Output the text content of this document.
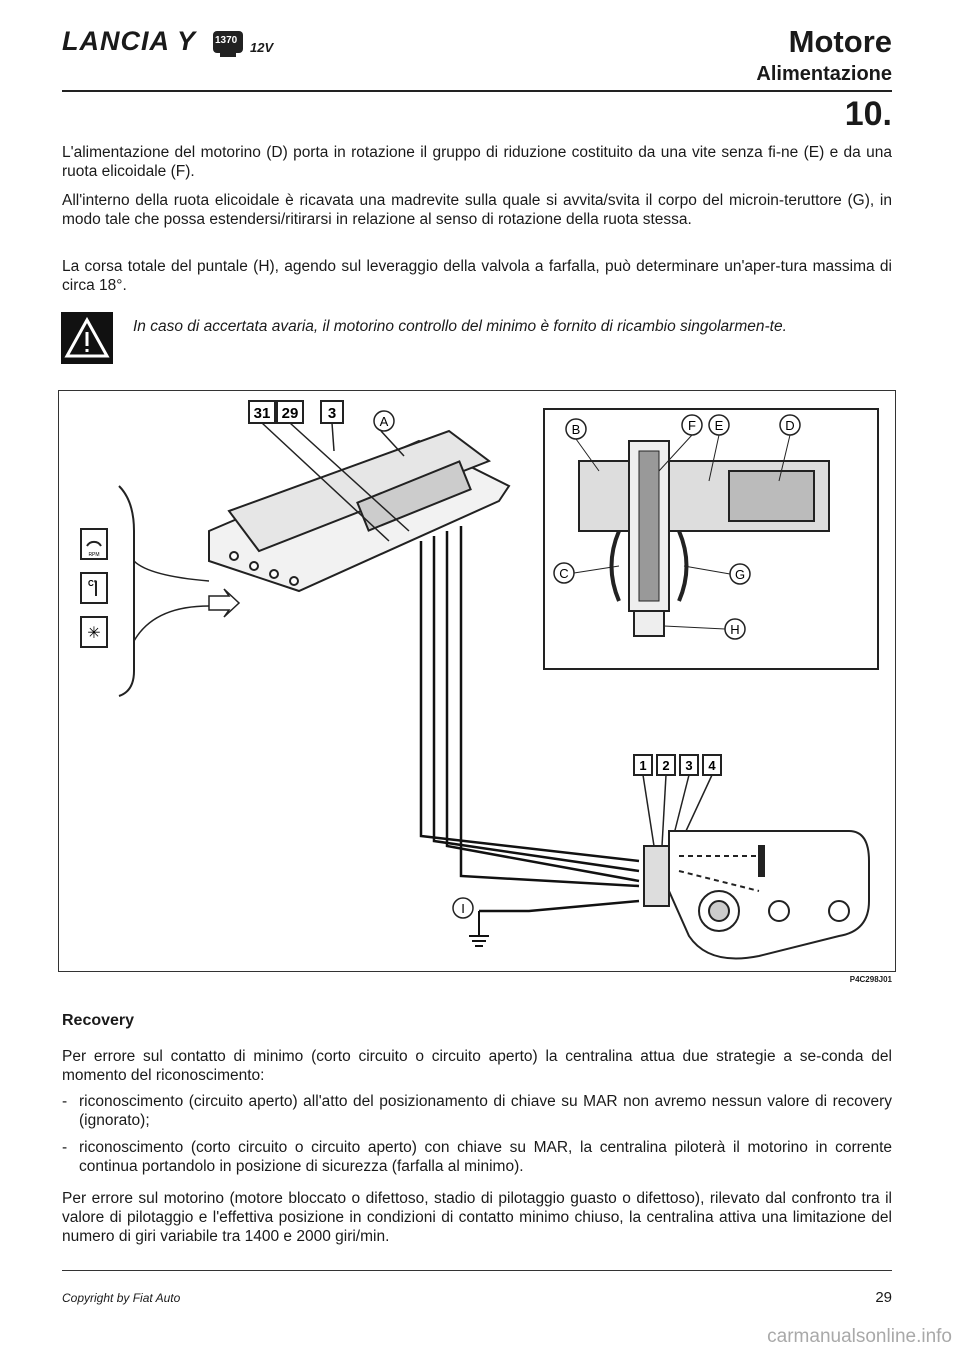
LANCIA Y 1370 12V	Motore
Alimentazione
10.
L'alimentazione del motorino (D) porta in rotazione il gruppo di riduzione costituito da una vite senza fi-ne (E) e da una ruota elicoidale (F).
All'interno della ruota elicoidale è ricavata una madrevite sulla quale si avvita/svita il corpo del microin-teruttore (G), in modo tale che possa estendersi/ritirarsi in relazione al senso di rotazione della ruota stessa.
La corsa totale del puntale (H), agendo sul leveraggio della valvola a farfalla, può determinare un'aper-tura massima di circa 18°.
In caso di accertata avaria, il motorino controllo del minimo è fornito di ricambio singolarmen-te.
31 29 3	A
RPM
C°
✳
B	F E	D
C	G
H
1 2 3 4
I
P4C298J01
Recovery
Per errore sul contatto di minimo (corto circuito o circuito aperto) la centralina attua due strategie a se-conda del momento del riconoscimento:
- riconoscimento (circuito aperto) all'atto del posizionamento di chiave su MAR non avremo nessun valore di recovery (ignorato);
- riconoscimento (corto circuito o circuito aperto) con chiave su MAR, la centralina piloterà il motorino in corrente continua portandolo in posizione di sicurezza (farfalla al minimo).
Per errore sul motorino (motore bloccato o difettoso, stadio di pilotaggio guasto o difettoso), rilevato dal confronto tra il valore di pilotaggio e l'effettiva posizione in condizioni di contatto minimo chiuso, la centralina attiva una limitazione del numero di giri variabile tra 1400 e 2000 giri/min.
Copyright by Fiat Auto	29
carmanualsonline.info
